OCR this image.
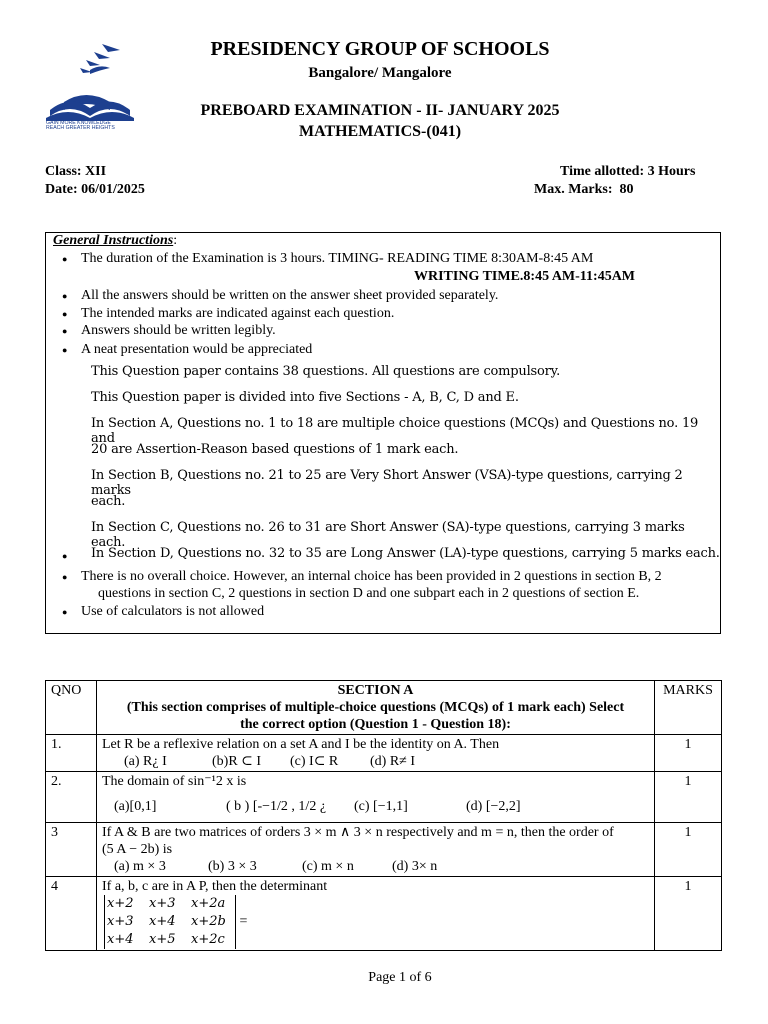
GAIN MORE KNOWLEDGE
REACH GREATER HEIGHTS
PRESIDENCY GROUP OF SCHOOLS
Bangalore/ Mangalore
PREBOARD EXAMINATION - II- JANUARY 2025
MATHEMATICS-(041)
Class: XII
Date: 06/01/2025
Time allotted: 3 Hours
Max. Marks:  80
General Instructions:
● The duration of the Examination is 3 hours. TIMING- READING TIME 8:30AM-8:45 AM
WRITING TIME.8:45 AM-11:45AM
● All the answers should be written on the answer sheet provided separately.
● The intended marks are indicated against each question.
● Answers should be written legibly.
● A neat presentation would be appreciated
This Question paper contains 38 questions. All questions are compulsory.
This Question paper is divided into five Sections - A, B, C, D and E.
In Section A, Questions no. 1 to 18 are multiple choice questions (MCQs) and Questions no. 19 and
20 are Assertion-Reason based questions of 1 mark each.
In Section B, Questions no. 21 to 25 are Very Short Answer (VSA)-type questions, carrying 2 marks
each.
In Section C, Questions no. 26 to 31 are Short Answer (SA)-type questions, carrying 3 marks each.
● In Section D, Questions no. 32 to 35 are Long Answer (LA)-type questions, carrying 5 marks each.
● There is no overall choice. However, an internal choice has been provided in 2 questions in section B, 2
questions in section C, 2 questions in section D and one subpart each in 2 questions of section E.
● Use of calculators is not allowed
QNO	SECTION A
(This section comprises of multiple-choice questions (MCQs) of 1 mark each) Select the correct option (Question 1 - Question 18):	MARKS
1.	Let R be a reflexive relation on a set A and I be the identity on A. Then
(a) R¿ I (b)R ⊂ I (c) I⊂ R (d) R≠ I	1
2.	The domain of sin⁻¹2 x is
(a)[0,1] ( b ) [-−1/2 , 1/2 ¿ (c) [−1,1] (d) [−2,2]	1
3	If A & B are two matrices of orders 3 × m ∧ 3 × n respectively and m = n, then the order of
(5 A − 2b) is
(a) m × 3 (b) 3 × 3 (c) m × n (d) 3× n	1
4	If a, b, c are in A P, then the determinant
x+2 x+3 x+2a
x+3 x+4 x+2b
x+4 x+5 x+2c
=	1
Page 1 of 6
